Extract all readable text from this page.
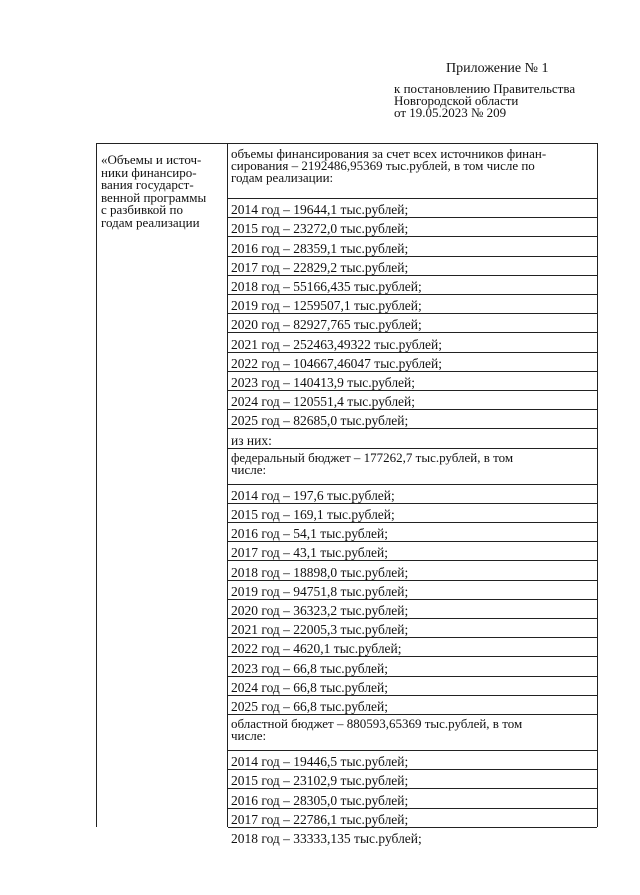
Приложение № 1
к постановлению Правительства
Новгородской области
от 19.05.2023 № 209
«Объемы и источ-
ники финансиро-
вания государст-
венной программы
с разбивкой по
годам реализации
объемы финансирования за счет всех источников финан-
сирования – 2192486,95369 тыс.рублей, в том числе по
годам реализации:
2014 год – 19644,1 тыс.рублей;
2015 год – 23272,0 тыс.рублей;
2016 год – 28359,1 тыс.рублей;
2017 год – 22829,2 тыс.рублей;
2018 год – 55166,435 тыс.рублей;
2019 год – 1259507,1 тыс.рублей;
2020 год – 82927,765 тыс.рублей;
2021 год – 252463,49322 тыс.рублей;
2022 год – 104667,46047 тыс.рублей;
2023 год – 140413,9 тыс.рублей;
2024 год – 120551,4 тыс.рублей;
2025 год – 82685,0 тыс.рублей;
из них:
федеральный бюджет – 177262,7 тыс.рублей, в том
числе:
2014 год – 197,6 тыс.рублей;
2015 год – 169,1 тыс.рублей;
2016 год – 54,1 тыс.рублей;
2017 год – 43,1 тыс.рублей;
2018 год – 18898,0 тыс.рублей;
2019 год – 94751,8 тыс.рублей;
2020 год – 36323,2 тыс.рублей;
2021 год – 22005,3 тыс.рублей;
2022 год – 4620,1 тыс.рублей;
2023 год – 66,8 тыс.рублей;
2024 год – 66,8 тыс.рублей;
2025 год – 66,8 тыс.рублей;
областной бюджет – 880593,65369 тыс.рублей, в том
числе:
2014 год – 19446,5 тыс.рублей;
2015 год – 23102,9 тыс.рублей;
2016 год – 28305,0 тыс.рублей;
2017 год – 22786,1 тыс.рублей;
2018 год – 33333,135 тыс.рублей;
